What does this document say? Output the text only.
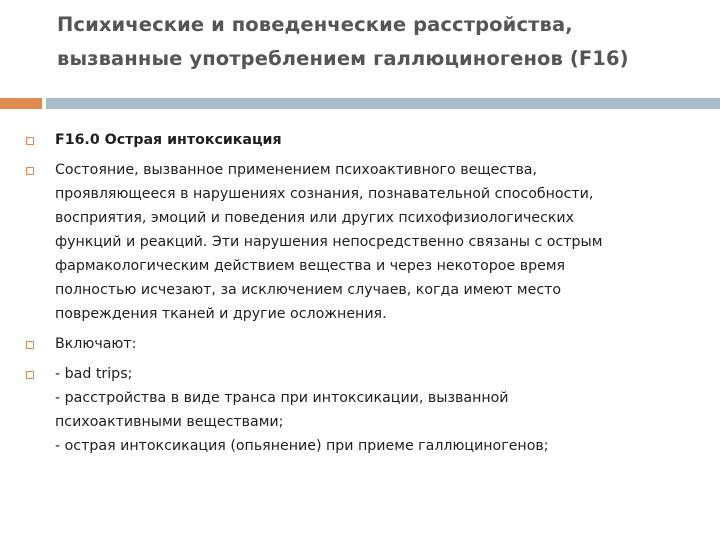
Психические и поведенческие расстройства,
вызванные употреблением галлюциногенов (F16)
F16.0 Острая интоксикация
Состояние, вызванное применением психоактивного вещества,
проявляющееся в нарушениях сознания, познавательной способности,
восприятия, эмоций и поведения или других психофизиологических
функций и реакций. Эти нарушения непосредственно связаны с острым
фармакологическим действием вещества и через некоторое время
полностью исчезают, за исключением случаев, когда имеют место
повреждения тканей и другие осложнения.
Включают:
- bad trips;
- расстройства в виде транса при интоксикации, вызванной
психоактивными веществами;
- острая интоксикация (опьянение) при приеме галлюциногенов;
